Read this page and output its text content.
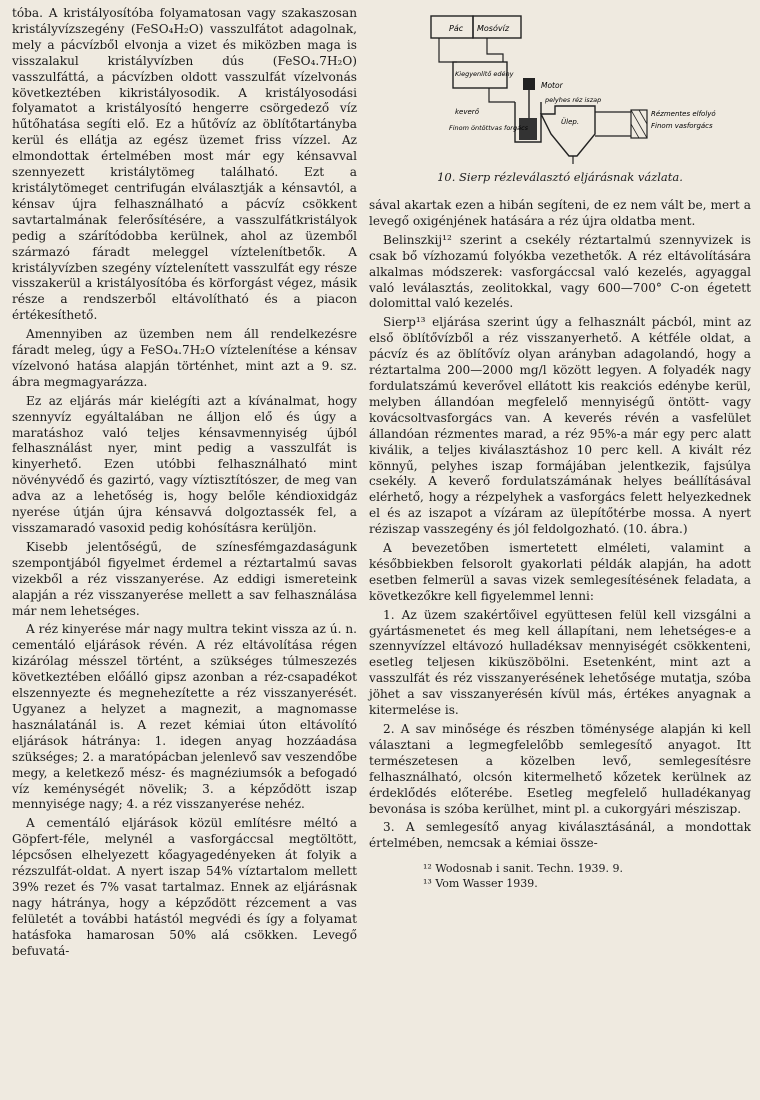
tóba. A kristályosítóba folyamatosan vagy szakaszosan kristályvízszegény (FeSO₄H₂O) vasszulfátot adagolnak, mely a pácvízből elvonja a vizet és miközben maga is visszalakul kristályvízben dús (FeSO₄.7H₂O) vasszulfáttá, a pácvízben oldott vasszulfát vízelvonás következtében kikristályosodik. A kristályosodási folyamatot a kristályosító hengerre csörgedező víz hűtőhatása segíti elő. Ez a hűtővíz az öblítőtartányba kerül és ellátja az egész üzemet friss vízzel. Az elmondottak értelmében most már egy kénsavval szennyezett kristálytömeg található. Ezt a kristálytömeget centrifugán elválasztják a kénsavtól, a kénsav újra felhasználható a pácvíz csökkent savtartalmának felerősítésére, a vasszulfátkristályok pedig a szárítódobba kerülnek, ahol az üzemből származó fáradt meleggel víztelenítbetők. A kristályvízben szegény víztelenített vasszulfát egy része visszakerül a kristályosítóba és körforgást végez, másik része a rendszerből eltávolítható és a piacon értékesíthető.

Amennyiben az üzemben nem áll rendelkezésre fáradt meleg, úgy a FeSO₄.7H₂O víztelenítése a kénsav vízelvonó hatása alapján történhet, mint azt a 9. sz. ábra megmagyarázza.

Ez az eljárás már kielégíti azt a kívánalmat, hogy szennyvíz egyáltalában ne álljon elő és úgy a maratáshoz való teljes kénsavmennyiség újból felhasználást nyer, mint pedig a vasszulfát is kinyerhető. Ezen utóbbi felhasználható mint növényvédő és gazirtó, vagy víztisztítószer, de meg van adva az a lehetőség is, hogy belőle kéndioxidgáz nyerése útján újra kénsavvá dolgoztassék fel, a visszamaradó vasoxid pedig kohósításra kerüljön.

Kisebb jelentőségű, de színesfémgazdaságunk szempontjából figyelmet érdemel a réztartalmú savas vizekből a réz visszanyerése. Az eddigi ismereteink alapján a réz visszanyerése mellett a sav felhasználása már nem lehetséges.

A réz kinyerése már nagy multra tekint vissza az ú. n. cementáló eljárások révén. A réz eltávolítása régen kizárólag mésszel történt, a szükséges túlmeszezés következtében előálló gipsz azonban a réz-csapadékot elszennyezte és megnehezítette a réz visszanyerését. Ugyanez a helyzet a magnezit, a magnomasse használatánál is. A rezet kémiai úton eltávolító eljárások hátránya: 1. idegen anyag hozzáadása szükséges; 2. a maratópácban jelenlevő sav veszendőbe megy, a keletkező mész- és magnéziumsók a befogadó víz keménységét növelik; 3. a képződött iszap mennyisége nagy; 4. a réz visszanyerése nehéz.

A cementáló eljárások közül említésre méltó a Göpfert-féle, melynél a vasforgáccsal megtöltött, lépcsősen elhelyezett kőagyagedényeken át folyik a rézszulfát-oldat. A nyert iszap 54% víztartalom mellett 39% rezet és 7% vasat tartalmaz. Ennek az eljárásnak nagy hátránya, hogy a képződött rézcement a vas felületét a további hatástól megvédi és így a folyamat hatásfoka hamarosan 50% alá csökken. Levegő befuvatá-

Pác Mosóvíz
Kiegyenlítő edény
Motor
pelyhes réz iszap
keverő
Finom öntöttvas forgács
Ülep.
Rézmentes elfolyó
Finom vasforgács
10. Sierp rézleválasztó eljárásnak vázlata.

sával akartak ezen a hibán segíteni, de ez nem vált be, mert a levegő oxigénjének hatására a réz újra oldatba ment.

Belinszkij¹² szerint a csekély réztartalmú szennyvizek is csak bő vízhozamú folyókba vezethetők. A réz eltávolítására alkalmas módszerek: vasforgáccsal való kezelés, agyaggal való leválasztás, zeolitokkal, vagy 600—700° C-on égetett dolomittal való kezelés.

Sierp¹³ eljárása szerint úgy a felhasznált pácból, mint az első öblítővízből a réz visszanyerhető. A kétféle oldat, a pácvíz és az öblítővíz olyan arányban adagolandó, hogy a réztartalma 200—2000 mg/l között legyen. A folyadék nagy fordulatszámú keverővel ellátott kis reakciós edénybe kerül, melyben állandóan megfelelő mennyiségű öntött- vagy kovácsoltvasforgács van. A keverés révén a vasfelület állandóan rézmentes marad, a réz 95%-a már egy perc alatt kiválik, a teljes kiválasztáshoz 10 perc kell. A kivált réz könnyű, pelyhes iszap formájában jelentkezik, fajsúlya csekély. A keverő fordulatszámának helyes beállításával elérhető, hogy a rézpelyhek a vasforgács felett helyezkednek el és az iszapot a vízáram az ülepítőtérbe mossa. A nyert réziszap vasszegény és jól feldolgozható. (10. ábra.)

A bevezetőben ismertetett elméleti, valamint a későbbiekben felsorolt gyakorlati példák alapján, ha adott esetben felmerül a savas vizek semlegesítésének feladata, a következőkre kell figyelemmel lenni:

1. Az üzem szakértőivel együttesen felül kell vizsgálni a gyártásmenetet és meg kell állapítani, nem lehetséges-e a szennyvízzel eltávozó hulladéksav mennyiségét csökkenteni, esetleg teljesen kiküszöbölni. Esetenként, mint azt a vasszulfát és réz visszanyerésének lehetősége mutatja, szóba jöhet a sav visszanyerésén kívül más, értékes anyagnak a kitermelése is.

2. A sav minősége és részben töménysége alapján ki kell választani a legmegfelelőbb semlegesítő anyagot. Itt természetesen a közelben levő, semlegesítésre felhasználható, olcsón kitermelhető kőzetek kerülnek az érdeklődés előterébe. Esetleg megfelelő hulladékanyag bevonása is szóba kerülhet, mint pl. a cukorgyári mésziszap.

3. A semlegesítő anyag kiválasztásánál, a mondottak értelmében, nemcsak a kémiai össze-

¹² Wodosnab i sanit. Techn. 1939. 9.
¹³ Vom Wasser 1939.
